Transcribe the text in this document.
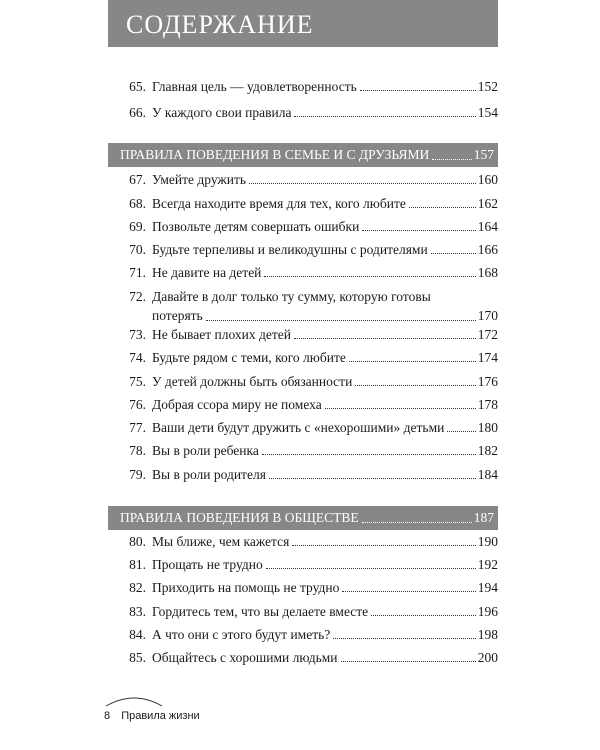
СОДЕРЖАНИЕ
65. Главная цель — удовлетворенность	152
66. У каждого свои правила	154
ПРАВИЛА ПОВЕДЕНИЯ В СЕМЬЕ И С ДРУЗЬЯМИ	157
67. Умейте дружить	160
68. Всегда находите время для тех, кого любите	162
69. Позвольте детям совершать ошибки	164
70. Будьте терпеливы и великодушны с родителями	166
71. Не давите на детей	168
72. Давайте в долг только ту сумму, которую готовы
потерять	170
73. Не бывает плохих детей	172
74. Будьте рядом с теми, кого любите	174
75. У детей должны быть обязанности	176
76. Добрая ссора миру не помеха	178
77. Ваши дети будут дружить с «нехорошими» детьми 180
78. Вы в роли ребенка	182
79. Вы в роли родителя	184
ПРАВИЛА ПОВЕДЕНИЯ В ОБЩЕСТВЕ	187
80. Мы ближе, чем кажется	190
81. Прощать не трудно	192
82. Приходить на помощь не трудно	194
83. Гордитесь тем, что вы делаете вместе	196
84. А что они с этого будут иметь?	198
85. Общайтесь с хорошими людьми	200
8 Правила жизни
